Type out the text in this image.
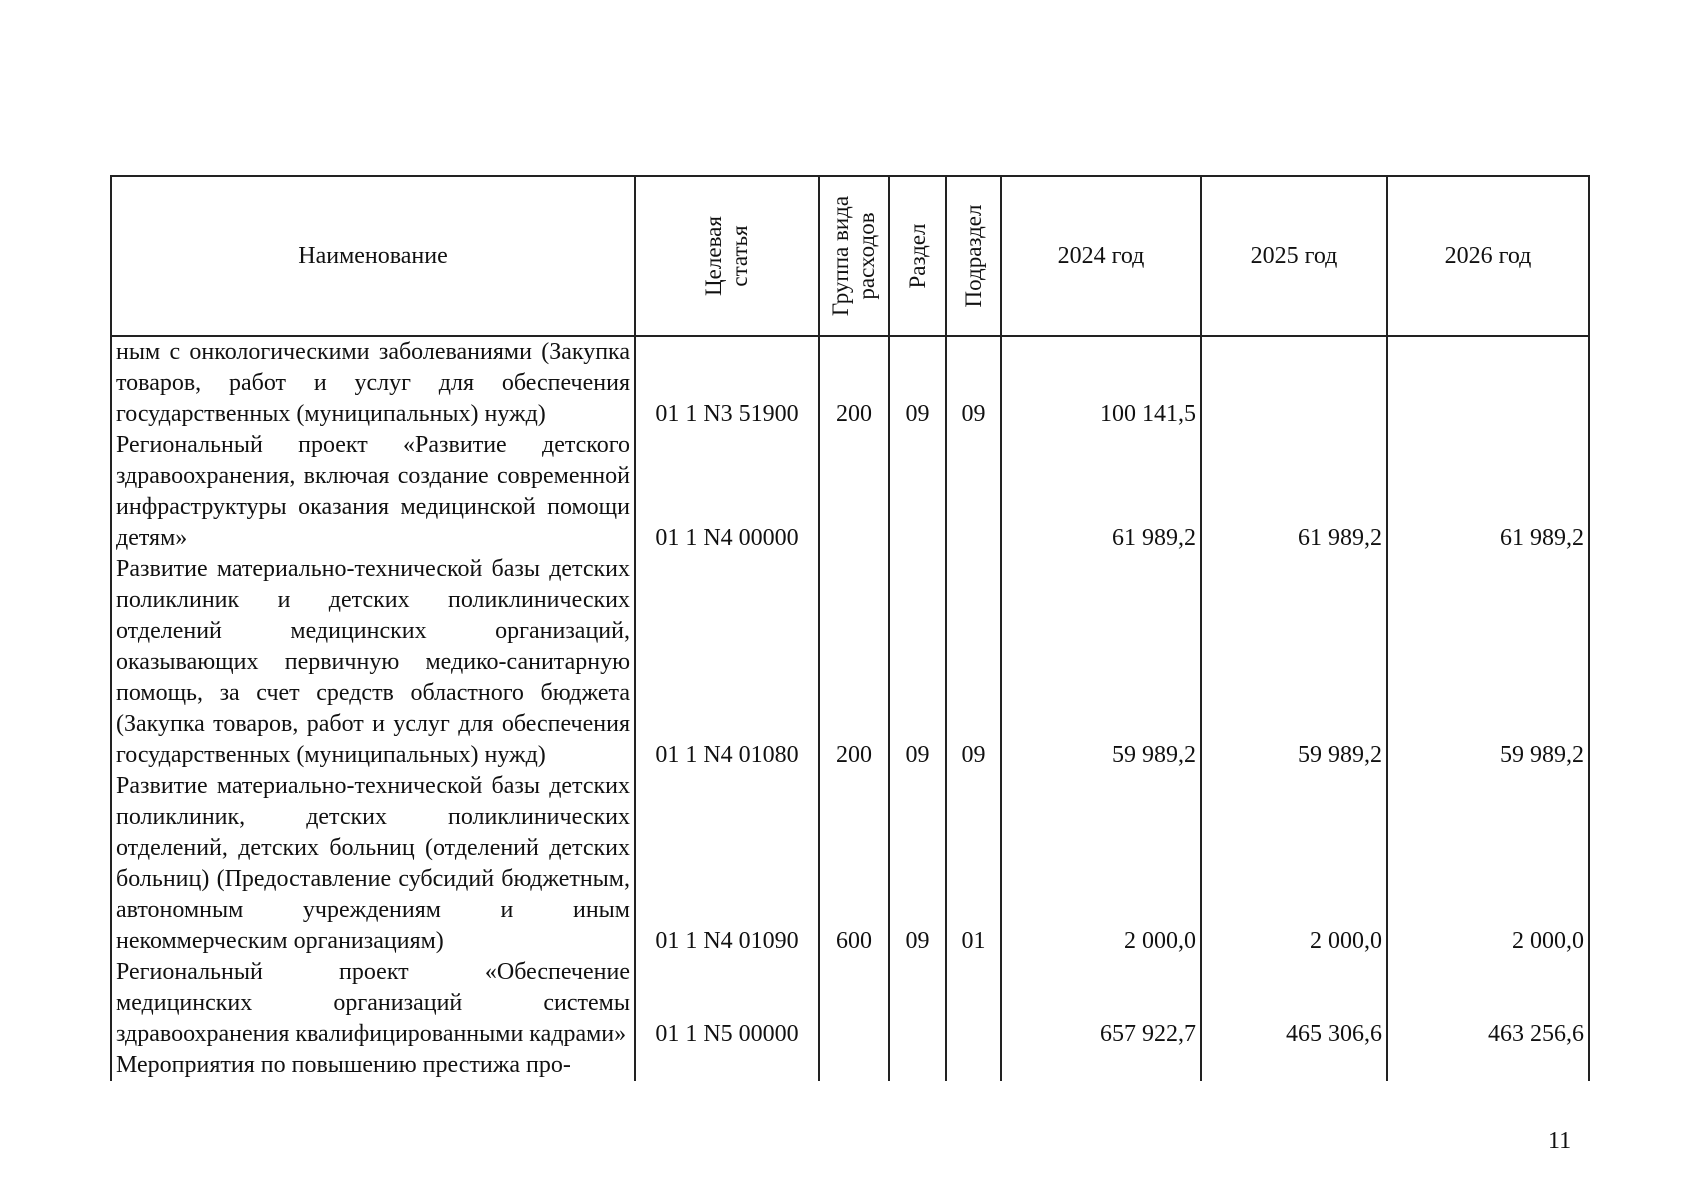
Наименование	Целевая статья	Группа вида расходов	Раздел	Подраздел	2024 год	2025 год	2026 год
ным с онкологическими заболеваниями (Закупка товаров, работ и услуг для обеспечения государственных (муниципальных) нужд)	01 1 N3 51900	200	09	09	100 141,5		
Региональный проект «Развитие детского здравоохранения, включая создание современной инфраструктуры оказания медицинской помощи детям»	01 1 N4 00000				61 989,2	61 989,2	61 989,2
Развитие материально-технической базы детских поликлиник и детских поликлинических отделений медицинских организаций, оказывающих первичную медико-санитарную помощь, за счет средств областного бюджета (Закупка товаров, работ и услуг для обеспечения государственных (муниципальных) нужд)	01 1 N4 01080	200	09	09	59 989,2	59 989,2	59 989,2
Развитие материально-технической базы детских поликлиник, детских поликлинических отделений, детских больниц (отделений детских больниц) (Предоставление субсидий бюджетным, автономным учреждениям и иным некоммерческим организациям)	01 1 N4 01090	600	09	01	2 000,0	2 000,0	2 000,0
Региональный проект «Обеспечение медицинских организаций системы здравоохранения квалифицированными кадрами»	01 1 N5 00000				657 922,7	465 306,6	463 256,6
Мероприятия по повышению престижа про-							
11
